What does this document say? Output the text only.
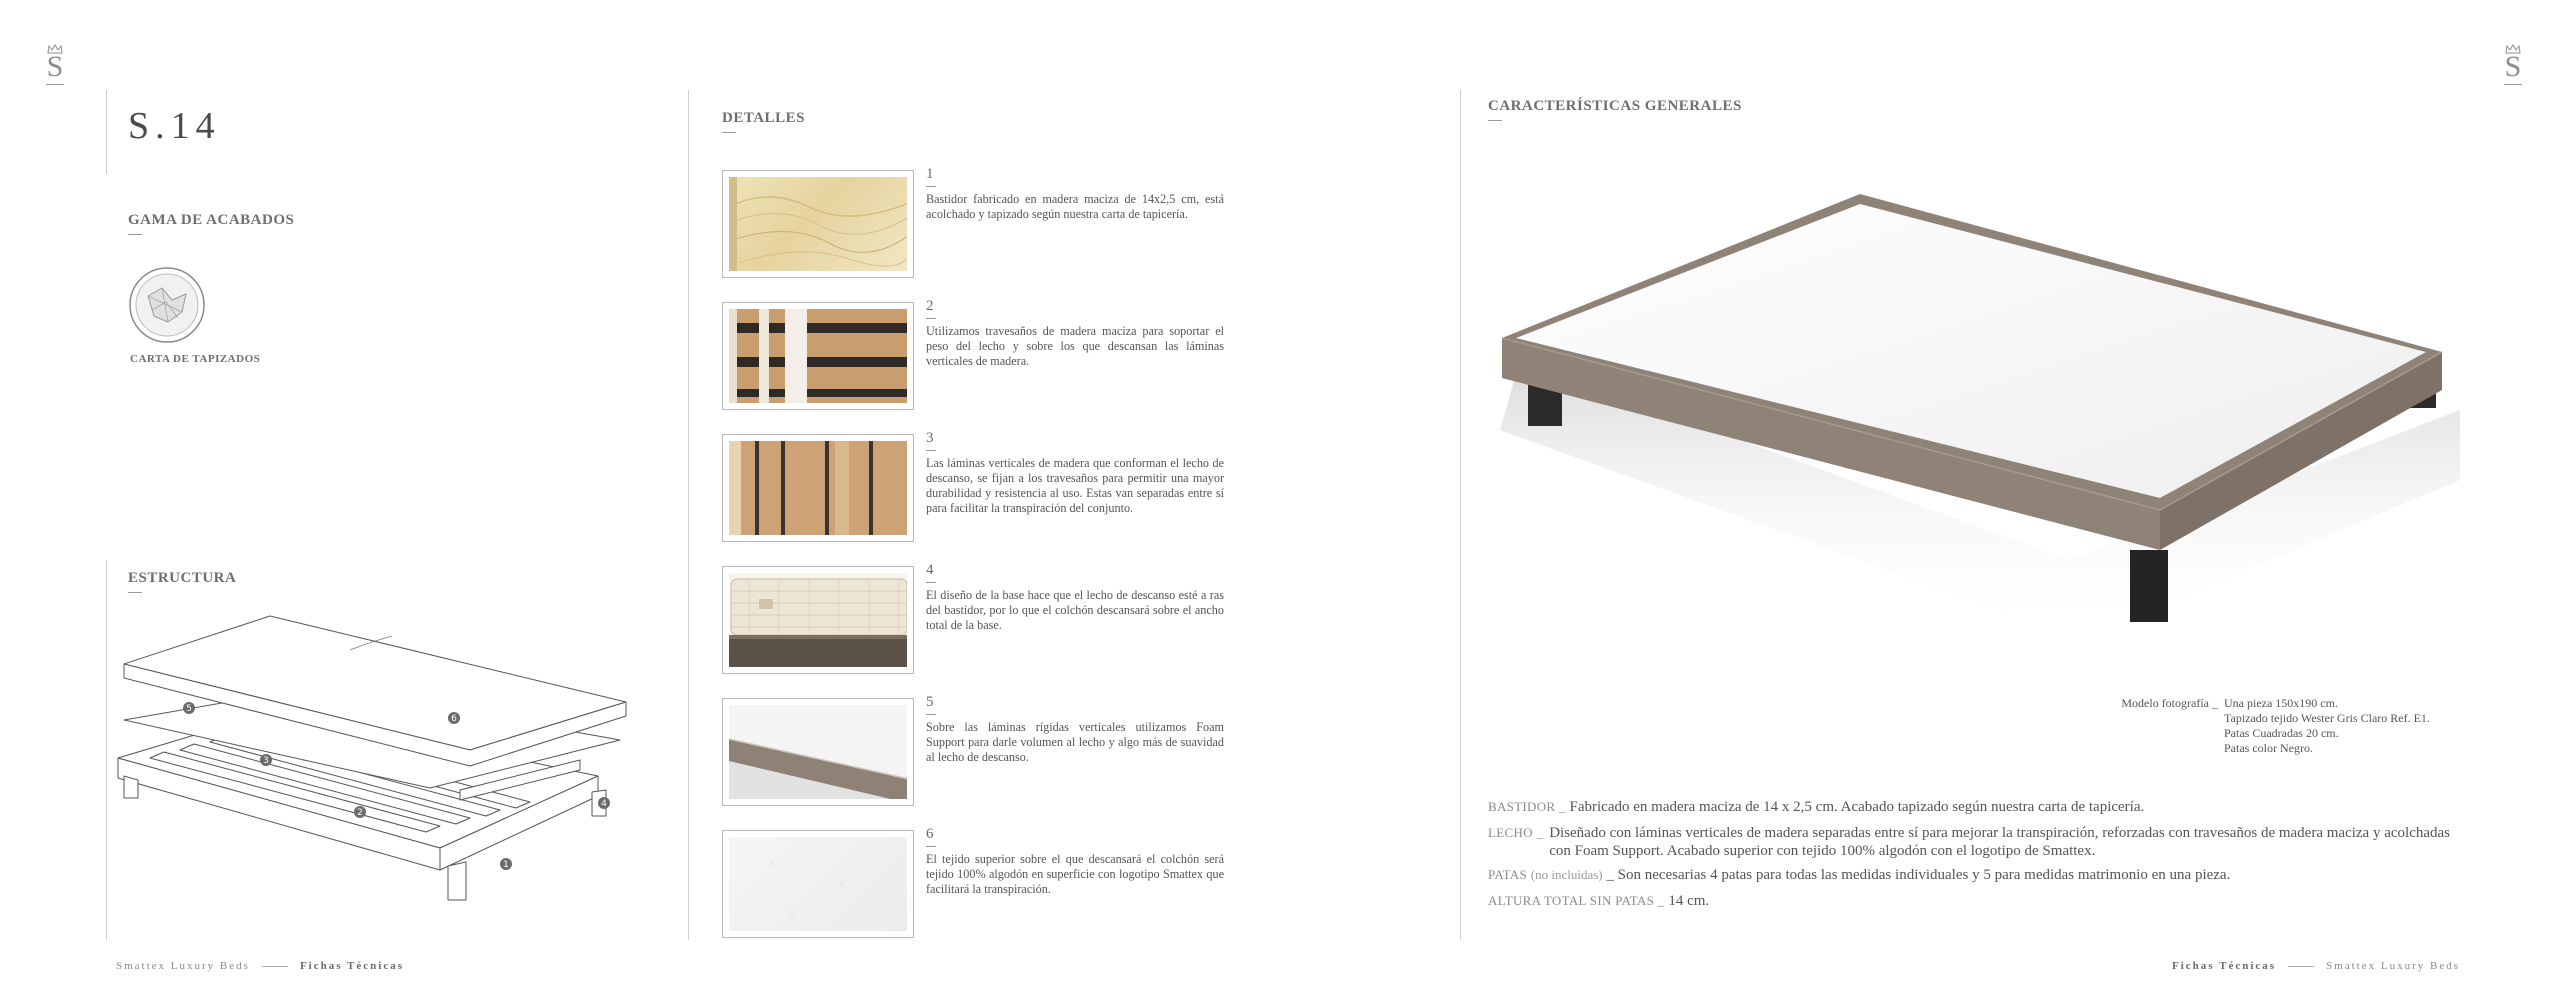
S	S
S.14
GAMA DE ACABADOS
CARTA DE TAPIZADOS
ESTRUCTURA
5
6
3
2
4
1
Smattex Luxury Beds	Fichas Técnicas
DETALLES
1
Bastidor fabricado en madera maciza de 14x2,5 cm, está acolchado y tapizado según nuestra carta de tapicería.
2
Utilizamos travesaños de madera maciza para soportar el peso del lecho y sobre los que descansan las láminas verticales de madera.
3
Las láminas verticales de madera que conforman el lecho de descanso, se fijan a los travesaños para permitir una mayor durabilidad y resistencia al uso. Estas van separadas entre sí para facilitar la transpiración del conjunto.
4
El diseño de la base hace que el lecho de descanso esté a ras del bastidor, por lo que el colchón descansará sobre el ancho total de la base.
5
Sobre las láminas rígidas verticales utilizamos Foam Support para darle volumen al lecho y algo más de suavidad al lecho de descanso.
S
S
S
6
El tejido superior sobre el que descansará el colchón será tejido 100% algodón en superficie con logotipo Smattex que facilitará la transpiración.
CARACTERÍSTICAS GENERALES
Modelo fotografía _ Una pieza 150x190 cm.
Tapizado tejido Wester Gris Claro Ref. E1.
Patas Cuadradas 20 cm.
Patas color Negro.
BASTIDOR _ Fabricado en madera maciza de 14 x 2,5 cm. Acabado tapizado según nuestra carta de tapicería.
LECHO _ Diseñado con láminas verticales de madera separadas entre sí para mejorar la transpiración, reforzadas con travesaños de madera maciza y acolchadas con Foam Support. Acabado superior con tejido 100% algodón con el logotipo de Smattex.
PATAS (no incluidas) _ Son necesarias 4 patas para todas las medidas individuales y 5 para medidas matrimonio en una pieza.
ALTURA TOTAL SIN PATAS _ 14 cm.
Fichas Técnicas	Smattex Luxury Beds
